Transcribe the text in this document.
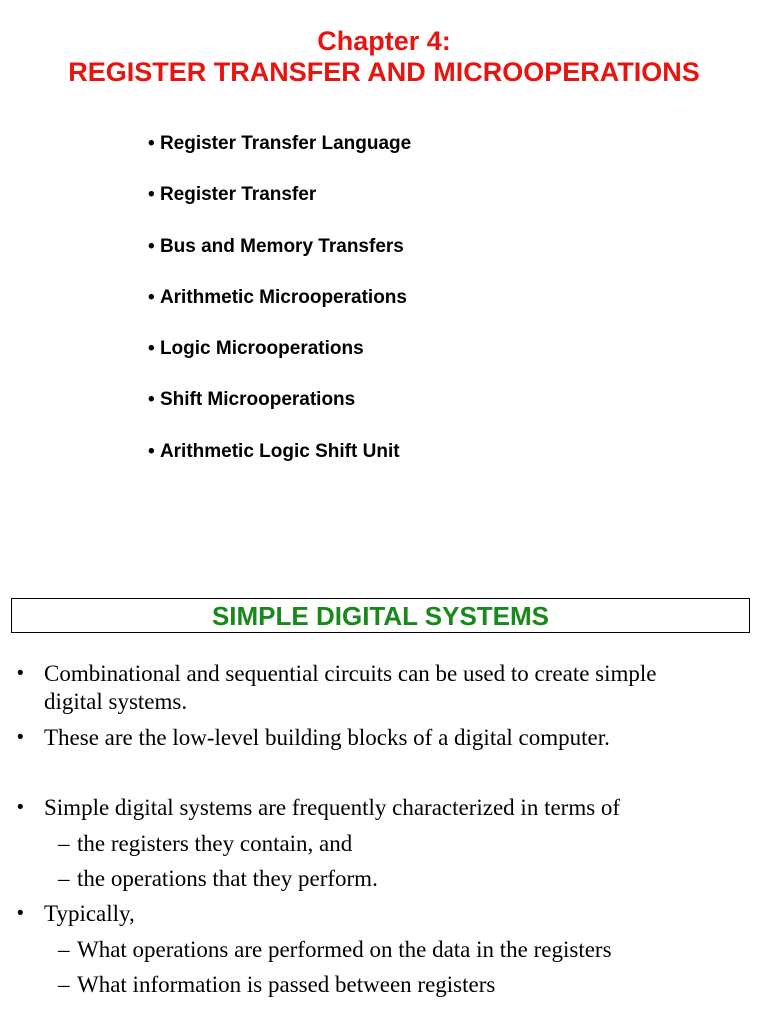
Chapter 4:
REGISTER TRANSFER AND MICROOPERATIONS
• Register Transfer Language
• Register Transfer
• Bus and Memory Transfers
• Arithmetic Microoperations
• Logic Microoperations
• Shift Microoperations
• Arithmetic Logic Shift Unit
SIMPLE DIGITAL SYSTEMS
• Combinational and sequential circuits can be used to create simple
digital systems.
• These are the low-level building blocks of a digital computer.
• Simple digital systems are frequently characterized in terms of
– the registers they contain, and
– the operations that they perform.
• Typically,
– What operations are performed on the data in the registers
– What information is passed between registers
